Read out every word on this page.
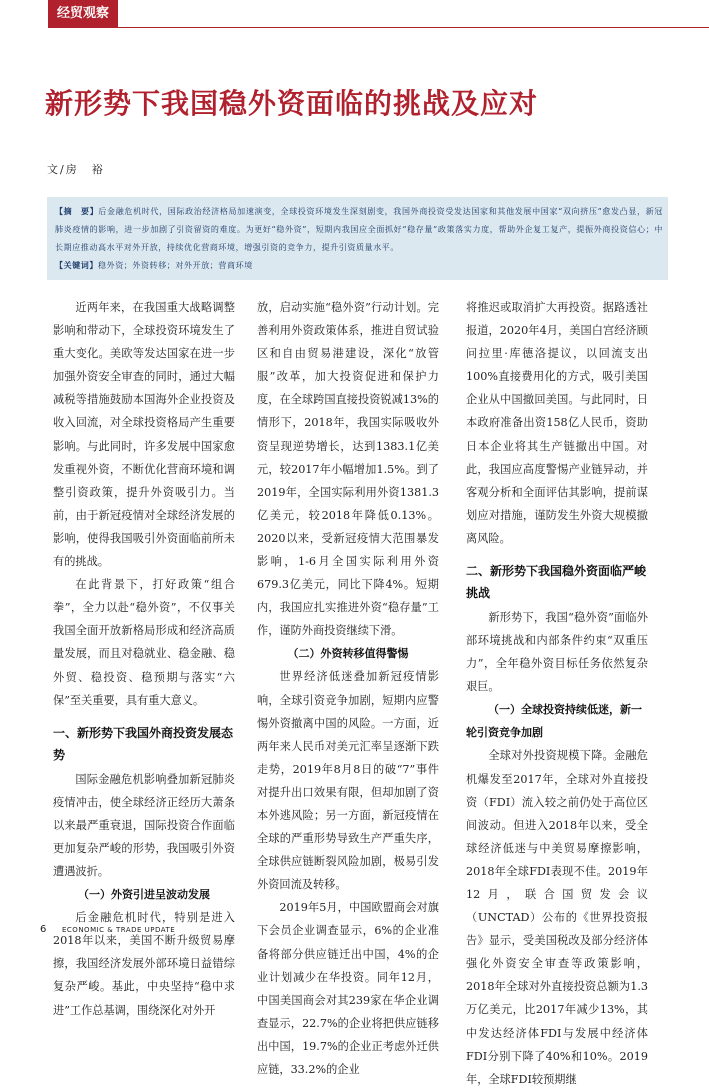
经贸观察
新形势下我国稳外资面临的挑战及应对
文/房　裕
【摘　要】后金融危机时代，国际政治经济格局加速演变，全球投资环境发生深刻剧变，我国外商投资受发达国家和其他发展中国家“双向挤压”愈发凸显，新冠肺炎疫情的影响，进一步加剧了引资留资的难度。为更好“稳外资”，短期内我国应全面抓好“稳存量”政策落实力度，帮助外企复工复产，提振外商投资信心；中长期应推动高水平对外开放，持续优化营商环境，增强引资的竞争力，提升引资质量水平。
【关键词】稳外资；外资转移；对外开放；营商环境

近两年来，在我国重大战略调整影响和带动下，全球投资环境发生了重大变化。美欧等发达国家在进一步加强外资安全审查的同时，通过大幅减税等措施鼓励本国海外企业投资及收入回流，对全球投资格局产生重要影响。与此同时，许多发展中国家愈发重视外资，不断优化营商环境和调整引资政策，提升外资吸引力。当前，由于新冠疫情对全球经济发展的影响，使得我国吸引外资面临前所未有的挑战。

在此背景下，打好政策“组合拳”，全力以赴“稳外资”，不仅事关我国全面开放新格局形成和经济高质量发展，而且对稳就业、稳金融、稳外贸、稳投资、稳预期与落实“六保”至关重要，具有重大意义。

一、新形势下我国外商投资发展态势

国际金融危机影响叠加新冠肺炎疫情冲击，使全球经济正经历大萧条以来最严重衰退，国际投资合作面临更加复杂严峻的形势，我国吸引外资遭遇波折。

（一）外资引进呈波动发展

后金融危机时代，特别是进入2018年以来，美国不断升级贸易摩擦，我国经济发展外部环境日益错综复杂严峻。基此，中央坚持“稳中求进”工作总基调，围绕深化对外开

放，启动实施“稳外资”行动计划。完善利用外资政策体系，推进自贸试验区和自由贸易港建设，深化“放管服”改革，加大投资促进和保护力度，在全球跨国直接投资锐减13%的情形下，2018年，我国实际吸收外资呈现逆势增长，达到1383.1亿美元，较2017年小幅增加1.5%。到了2019年，全国实际利用外资1381.3亿美元，较2018年降低0.13%。2020以来，受新冠疫情大范围暴发影响，1-6月全国实际利用外资679.3亿美元，同比下降4%。短期内，我国应扎实推进外资“稳存量”工作，谨防外商投资继续下滑。

（二）外资转移值得警惕

世界经济低迷叠加新冠疫情影响，全球引资竞争加剧，短期内应警惕外资撤离中国的风险。一方面，近两年来人民币对美元汇率呈逐渐下跌走势，2019年8月8日的破“7”事件对提升出口效果有限，但却加剧了资本外逃风险；另一方面，新冠疫情在全球的严重形势导致生产严重失序，全球供应链断裂风险加剧，极易引发外资回流及转移。

2019年5月，中国欧盟商会对旗下会员企业调查显示，6%的企业准备将部分供应链迁出中国，4%的企业计划减少在华投资。同年12月，中国美国商会对其239家在华企业调查显示，22.7%的企业将把供应链移出中国，19.7%的企业正考虑外迁供应链，33.2%的企业

将推迟或取消扩大再投资。据路透社报道，2020年4月，美国白宫经济顾问拉里·库德洛提议，以回流支出100%直接费用化的方式，吸引美国企业从中国撤回美国。与此同时，日本政府准备出资158亿人民币，资助日本企业将其生产链撤出中国。对此，我国应高度警惕产业链异动，并客观分析和全面评估其影响，提前谋划应对措施，谨防发生外资大规模撤离风险。

二、新形势下我国稳外资面临严峻挑战

新形势下，我国“稳外资”面临外部环境挑战和内部条件约束“双重压力”，全年稳外资目标任务依然复杂艰巨。

（一）全球投资持续低迷，新一轮引资竞争加剧

全球对外投资规模下降。金融危机爆发至2017年，全球对外直接投资（FDI）流入较之前仍处于高位区间波动。但进入2018年以来，受全球经济低迷与中美贸易摩擦影响，2018年全球FDI表现不佳。2019年12月，联合国贸发会议（UNCTAD）公布的《世界投资报告》显示，受美国税改及部分经济体强化外资安全审查等政策影响，2018年全球对外直接投资总额为1.3万亿美元，比2017年减少13%，其中发达经济体FDI与发展中经济体FDI分别下降了40%和10%。2019年，全球FDI较预期继

6 ECONOMIC & TRADE UPDATE
